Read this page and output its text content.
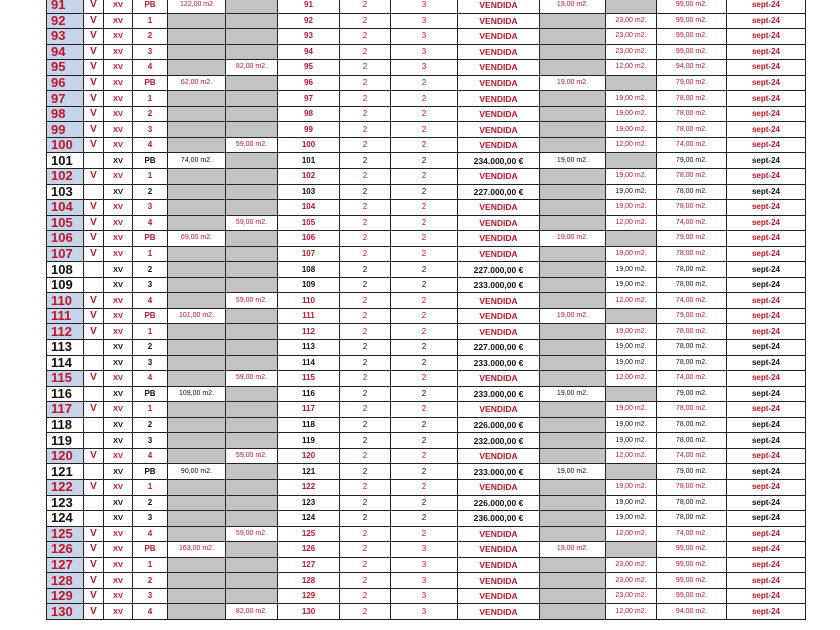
91	V	XV	PB	122,00 m2		91	2	3	VENDIDA	19,00 m2.		99,00 m2.	sept-24
92	V	XV	1			92	2	3	VENDIDA		23,00 m2.	99,00 m2.	sept-24
93	V	XV	2			93	2	3	VENDIDA		23,00 m2.	99,00 m2.	sept-24
94	V	XV	3			94	2	3	VENDIDA		23,00 m2.	99,00 m2.	sept-24
95	V	XV	4		82,00 m2.	95	2	3	VENDIDA		12,00 m2.	94,00 m2.	sept-24
96	V	XV	PB	62,00 m2.		96	2	2	VENDIDA	19,00 m2.		79,00 m2.	sept-24
97	V	XV	1			97	2	2	VENDIDA		19,00 m2.	78,00 m2.	sept-24
98	V	XV	2			98	2	2	VENDIDA		19,00 m2.	78,00 m2.	sept-24
99	V	XV	3			99	2	2	VENDIDA		19,00 m2.	78,00 m2.	sept-24
100	V	XV	4		59,00 m2.	100	2	2	VENDIDA		12,00 m2.	74,00 m2.	sept-24
101		XV	PB	74,00 m2.		101	2	2	234.000,00 €	19,00 m2.		79,00 m2.	sept-24
102	V	XV	1			102	2	2	VENDIDA		19,00 m2.	78,00 m2.	sept-24
103		XV	2			103	2	2	227.000,00 €		19,00 m2.	78,00 m2.	sept-24
104	V	XV	3			104	2	2	VENDIDA		19,00 m2.	78,00 m2.	sept-24
105	V	XV	4		59,00 m2.	105	2	2	VENDIDA		12,00 m2.	74,00 m2.	sept-24
106	V	XV	PB	69,00 m2.		106	2	2	VENDIDA	19,00 m2.		79,00 m2.	sept-24
107	V	XV	1			107	2	2	VENDIDA		19,00 m2.	78,00 m2.	sept-24
108		XV	2			108	2	2	227.000,00 €		19,00 m2.	78,00 m2.	sept-24
109		XV	3			109	2	2	233.000,00 €		19,00 m2.	78,00 m2.	sept-24
110	V	XV	4		59,00 m2.	110	2	2	VENDIDA		12,00 m2.	74,00 m2.	sept-24
111	V	XV	PB	101,00 m2.		111	2	2	VENDIDA	19,00 m2.		79,00 m2.	sept-24
112	V	XV	1			112	2	2	VENDIDA		19,00 m2.	78,00 m2.	sept-24
113		XV	2			113	2	2	227.000,00 €		19,00 m2.	78,00 m2.	sept-24
114		XV	3			114	2	2	233.000,00 €		19,00 m2.	78,00 m2.	sept-24
115	V	XV	4		59,00 m2.	115	2	2	VENDIDA		12,00 m2.	74,00 m2.	sept-24
116		XV	PB	109,00 m2.		116	2	2	233.000,00 €	19,00 m2.		79,00 m2.	sept-24
117	V	XV	1			117	2	2	VENDIDA		19,00 m2.	78,00 m2.	sept-24
118		XV	2			118	2	2	226.000,00 €		19,00 m2.	78,00 m2.	sept-24
119		XV	3			119	2	2	232.000,00 €		19,00 m2.	78,00 m2.	sept-24
120	V	XV	4		59,00 m2.	120	2	2	VENDIDA		12,00 m2.	74,00 m2.	sept-24
121		XV	PB	90,00 m2.		121	2	2	233.000,00 €	19,00 m2.		79,00 m2.	sept-24
122	V	XV	1			122	2	2	VENDIDA		19,00 m2.	78,00 m2.	sept-24
123		XV	2			123	2	2	226.000,00 €		19,00 m2.	78,00 m2.	sept-24
124		XV	3			124	2	2	236.000,00 €		19,00 m2.	78,00 m2.	sept-24
125	V	XV	4		59,00 m2.	125	2	2	VENDIDA		12,00 m2.	74,00 m2.	sept-24
126	V	XV	PB	163,00 m2.		126	2	3	VENDIDA	19,00 m2.		99,00 m2.	sept-24
127	V	XV	1			127	2	3	VENDIDA		23,00 m2.	99,00 m2.	sept-24
128	V	XV	2			128	2	3	VENDIDA		23,00 m2.	99,00 m2.	sept-24
129	V	XV	3			129	2	3	VENDIDA		23,00 m2.	99,00 m2.	sept-24
130	V	XV	4		82,00 m2.	130	2	3	VENDIDA		12,00 m2.	94,00 m2.	sept-24
